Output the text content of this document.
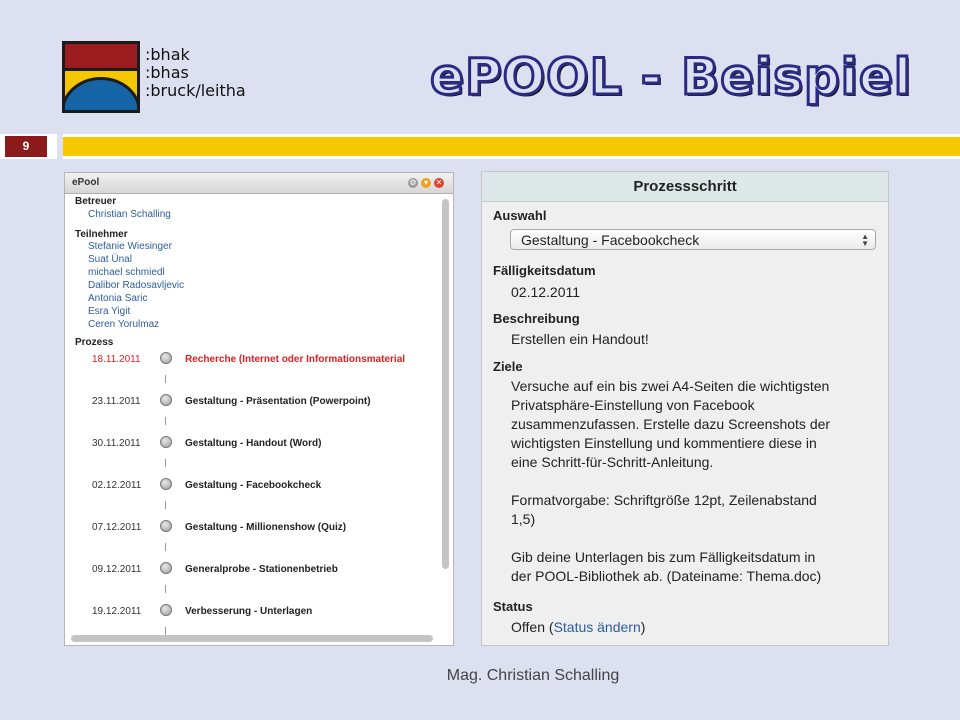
:bhak
:bhas
:bruck/leitha	ePOOL - Beispiel
9
ePool	⚙ ▾ ✕
Betreuer
Christian Schalling
Teilnehmer
Stefanie Wiesinger
Suat Ünal
michael schmiedl
Dalibor Radosavljevic
Antonia Saric
Esra Yigit
Ceren Yorulmaz
Prozess
18.11.2011	Recherche (Internet oder Informationsmaterial
23.11.2011	Gestaltung - Präsentation (Powerpoint)
30.11.2011	Gestaltung - Handout (Word)
02.12.2011	Gestaltung - Facebookcheck
07.12.2011	Gestaltung - Millionenshow (Quiz)
09.12.2011	Generalprobe - Stationenbetrieb
19.12.2011	Verbesserung - Unterlagen
Prozessschritt
Auswahl
Gestaltung - Facebookcheck	▲
▼
Fälligkeitsdatum
02.12.2011
Beschreibung
Erstellen ein Handout!
Ziele
Versuche auf ein bis zwei A4-Seiten die wichtigsten
Privatsphäre-Einstellung von Facebook
zusammenzufassen. Erstelle dazu Screenshots der
wichtigsten Einstellung und kommentiere diese in
eine Schritt-für-Schritt-Anleitung.
Formatvorgabe: Schriftgröße 12pt, Zeilenabstand
1,5)
Gib deine Unterlagen bis zum Fälligkeitsdatum in
der POOL-Bibliothek ab. (Dateiname: Thema.doc)
Status
Offen (Status ändern)
Mag. Christian Schalling
